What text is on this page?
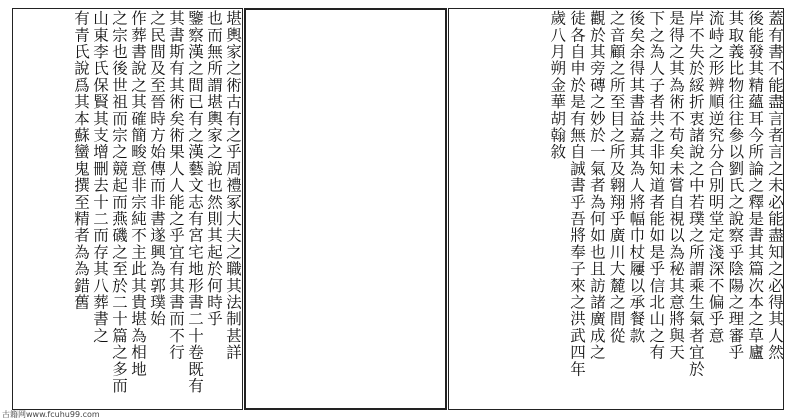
堪輿家之術古有之乎周禮冢大夫之職其法制甚詳
也而無所謂堪輿家之說也然則其起於何時乎
鑒察漢之間已有之漢藝文志有宮宅地形書二十卷既有
其書斯有其術矣術果人人能之乎宜有其書而不行
之民間及至晉時方始傳而非書遂興為郭璞始
作葬書說之其確簡畯意非宗純不主此其貴堪為相地
之宗也後世祖而宗之競起而燕磯之至於二十篇之多而
山東李氏保賢其支增刪去十二而存其八葬書之
有青氏說爲其本蘇蠻鬼撰至精者為為錯舊	蓋有書不能盡言者言之未必能盡知之必得其人然
後能發其精蘊耳今所論之釋是書其篇次本之草廬
其取義比物往往參以劉氏之說察乎陰陽之理審乎
流峙之形辨順逆究分合別明堂定淺深不偏乎意
岸不失於綏折衷諸說之中若璞之所謂乘生氣者宜於
是得之其為術不苟矣未嘗自視以為秘其意將與天
下之為人子者共之非知道者能如是乎信北山之有
後矣余得其書益嘉其為人將幅巾杖屨以承餐款
之音顧之所至目之所及翱翔乎廣川大麓之間從
觀於其旁磚之妙於一氣者為何如也且訪諸廣成之
徒各自申於是有無自誠書乎吾將奉子來之洪武四年
歲八月朔金華胡翰敘
古籍网www.fcuhu99.com
